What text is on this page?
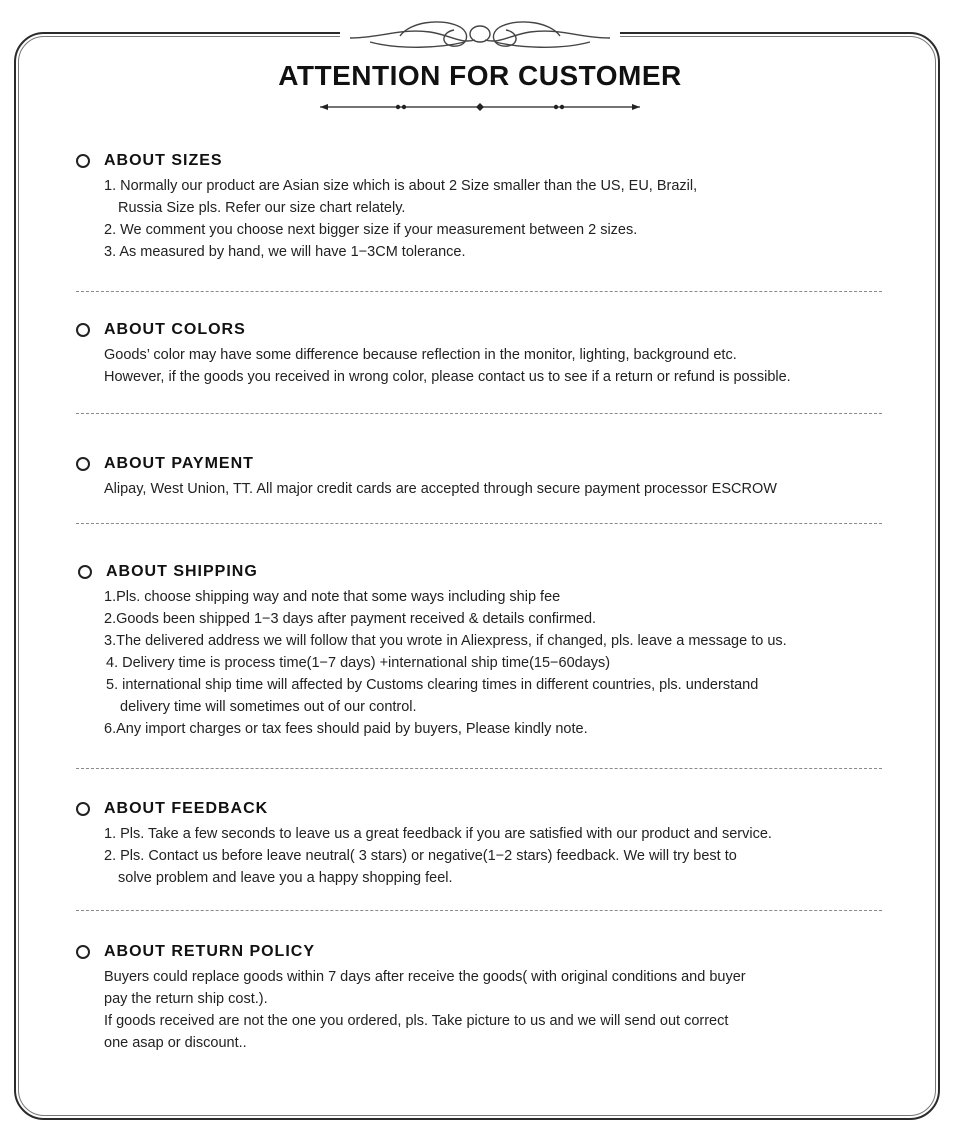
ATTENTION FOR CUSTOMER
ABOUT SIZES
1. Normally our product are Asian size which is about 2 Size smaller than the US, EU, Brazil,
Russia Size pls. Refer our size chart relately.
2. We comment you choose next bigger size if your measurement between 2 sizes.
3. As measured by hand, we will have 1−3CM tolerance.
ABOUT COLORS
Goods’ color may have some difference because reflection in the monitor, lighting, background etc.
However, if the goods you received in wrong color, please contact us to see if a return or refund is possible.
ABOUT PAYMENT
Alipay, West Union, TT. All major credit cards are accepted through secure payment processor ESCROW
ABOUT SHIPPING
1.Pls. choose shipping way and note that some ways including ship fee
2.Goods been shipped 1−3 days after payment received & details confirmed.
3.The delivered address we will follow that you wrote in Aliexpress, if changed, pls. leave a message to us.
4. Delivery time is process time(1−7 days) +international ship time(15−60days)
5. international ship time will affected by Customs clearing times in different countries, pls. understand
delivery time will sometimes out of our control.
6.Any import charges or tax fees should paid by buyers, Please kindly note.
ABOUT FEEDBACK
1. Pls. Take a few seconds to leave us a great feedback if you are satisfied with our product and service.
2. Pls. Contact us before leave neutral( 3 stars) or negative(1−2 stars) feedback. We will try best to
solve problem and leave you a happy shopping feel.
ABOUT RETURN POLICY
Buyers could replace goods within 7 days after receive the goods( with original conditions and buyer
pay the return ship cost.).
If goods received are not the one you ordered, pls. Take picture to us and we will send out correct
one asap or discount..
